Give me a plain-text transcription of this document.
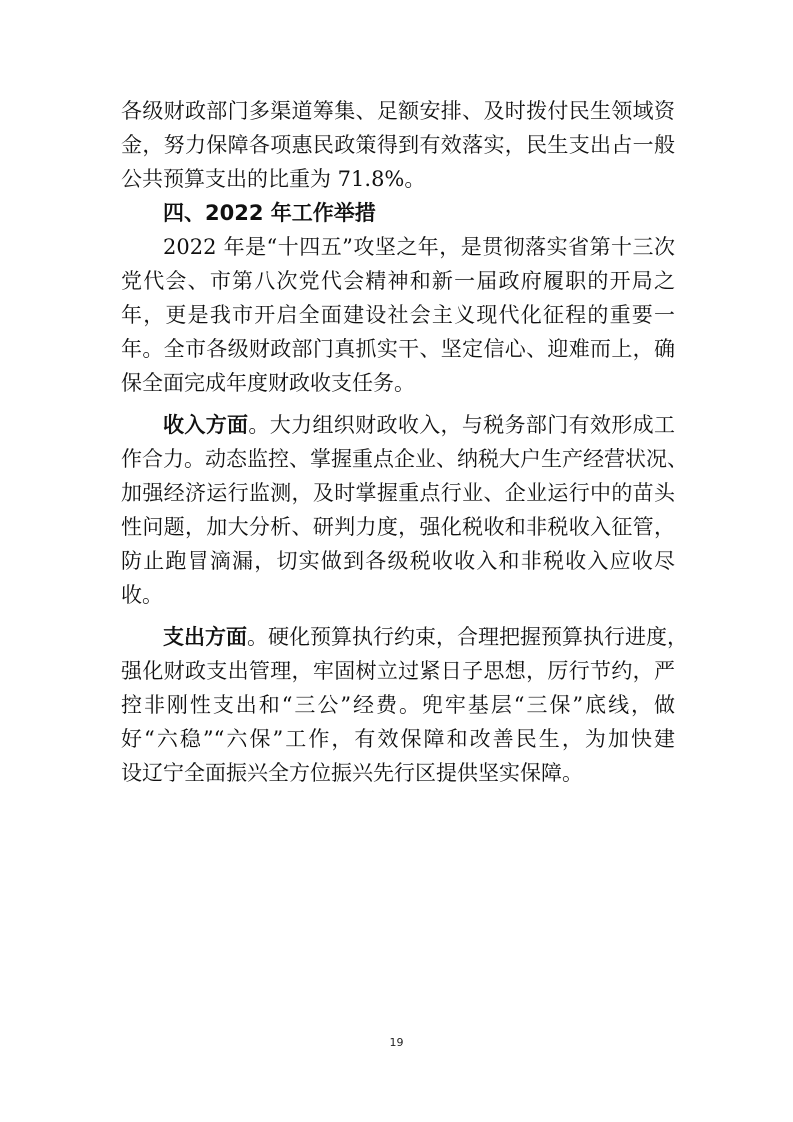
各级财政部门多渠道筹集、足额安排、及时拨付民生领域资
金，努力保障各项惠民政策得到有效落实，民生支出占一般
公共预算支出的比重为 71.8%。
四、2022 年工作举措
2022 年是“十四五”攻坚之年，是贯彻落实省第十三次
党代会、市第八次党代会精神和新一届政府履职的开局之
年，更是我市开启全面建设社会主义现代化征程的重要一
年。全市各级财政部门真抓实干、坚定信心、迎难而上，确
保全面完成年度财政收支任务。
收入方面。大力组织财政收入，与税务部门有效形成工
作合力。动态监控、掌握重点企业、纳税大户生产经营状况、
加强经济运行监测，及时掌握重点行业、企业运行中的苗头
性问题，加大分析、研判力度，强化税收和非税收入征管，
防止跑冒滴漏，切实做到各级税收收入和非税收入应收尽
收。
支出方面。硬化预算执行约束，合理把握预算执行进度，
强化财政支出管理，牢固树立过紧日子思想，厉行节约，严
控非刚性支出和“三公”经费。兜牢基层“三保”底线，做
好“六稳”“六保”工作，有效保障和改善民生，为加快建
设辽宁全面振兴全方位振兴先行区提供坚实保障。
19
